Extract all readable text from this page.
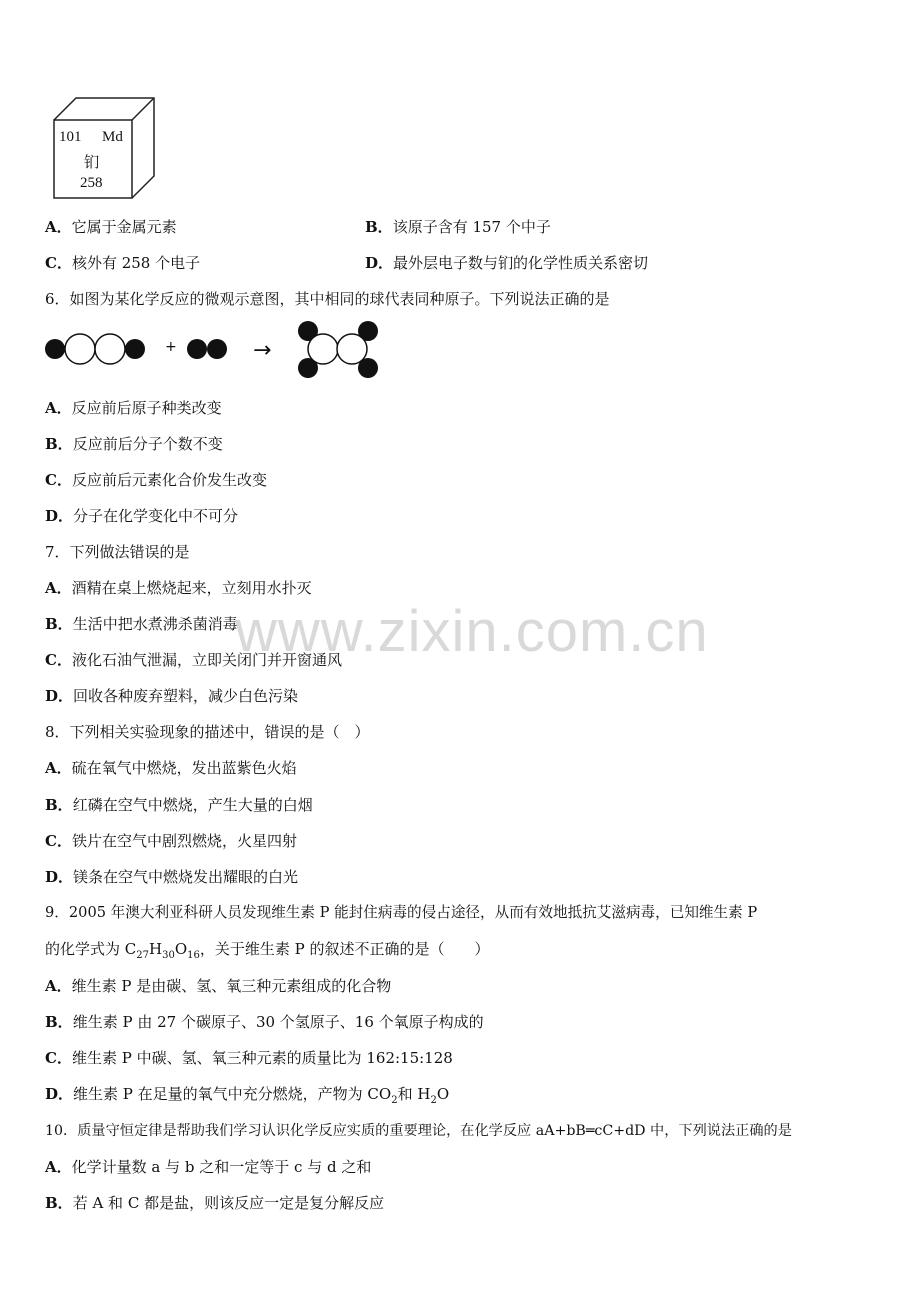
101 Md
钔
258
A．它属于金属元素	B．该原子含有 157 个中子
C．核外有 258 个电子	D．最外层电子数与钔的化学性质关系密切
6．如图为某化学反应的微观示意图，其中相同的球代表同种原子。下列说法正确的是
+	→
A．反应前后原子种类改变
B．反应前后分子个数不变
C．反应前后元素化合价发生改变
D．分子在化学变化中不可分
7．下列做法错误的是
A．酒精在桌上燃烧起来，立刻用水扑灭
B．生活中把水煮沸杀菌消毒
C．液化石油气泄漏，立即关闭门并开窗通风
D．回收各种废弃塑料，减少白色污染
www.zixin.com.cn
8．下列相关实验现象的描述中，错误的是（　）
A．硫在氧气中燃烧，发出蓝紫色火焰
B．红磷在空气中燃烧，产生大量的白烟
C．铁片在空气中剧烈燃烧，火星四射
D．镁条在空气中燃烧发出耀眼的白光
9．2005 年澳大利亚科研人员发现维生素 P 能封住病毒的侵占途径，从而有效地抵抗艾滋病毒，已知维生素 P
的化学式为 $C_{27}H_{30}O_{16}$，关于维生素 P 的叙述不正确的是（　　）
A．维生素 P 是由碳、氢、氧三种元素组成的化合物
B．维生素 P 由 27 个碳原子、30 个氢原子、16 个氧原子构成的
C．维生素 P 中碳、氢、氧三种元素的质量比为 162:15:128
D．维生素 P 在足量的氧气中充分燃烧，产物为 $CO_2$和 $H_2O$
10．质量守恒定律是帮助我们学习认识化学反应实质的重要理论，在化学反应 aA+bB═cC+dD 中，下列说法正确的是
A．化学计量数 a 与 b 之和一定等于 c 与 d 之和
B．若 A 和 C 都是盐，则该反应一定是复分解反应
